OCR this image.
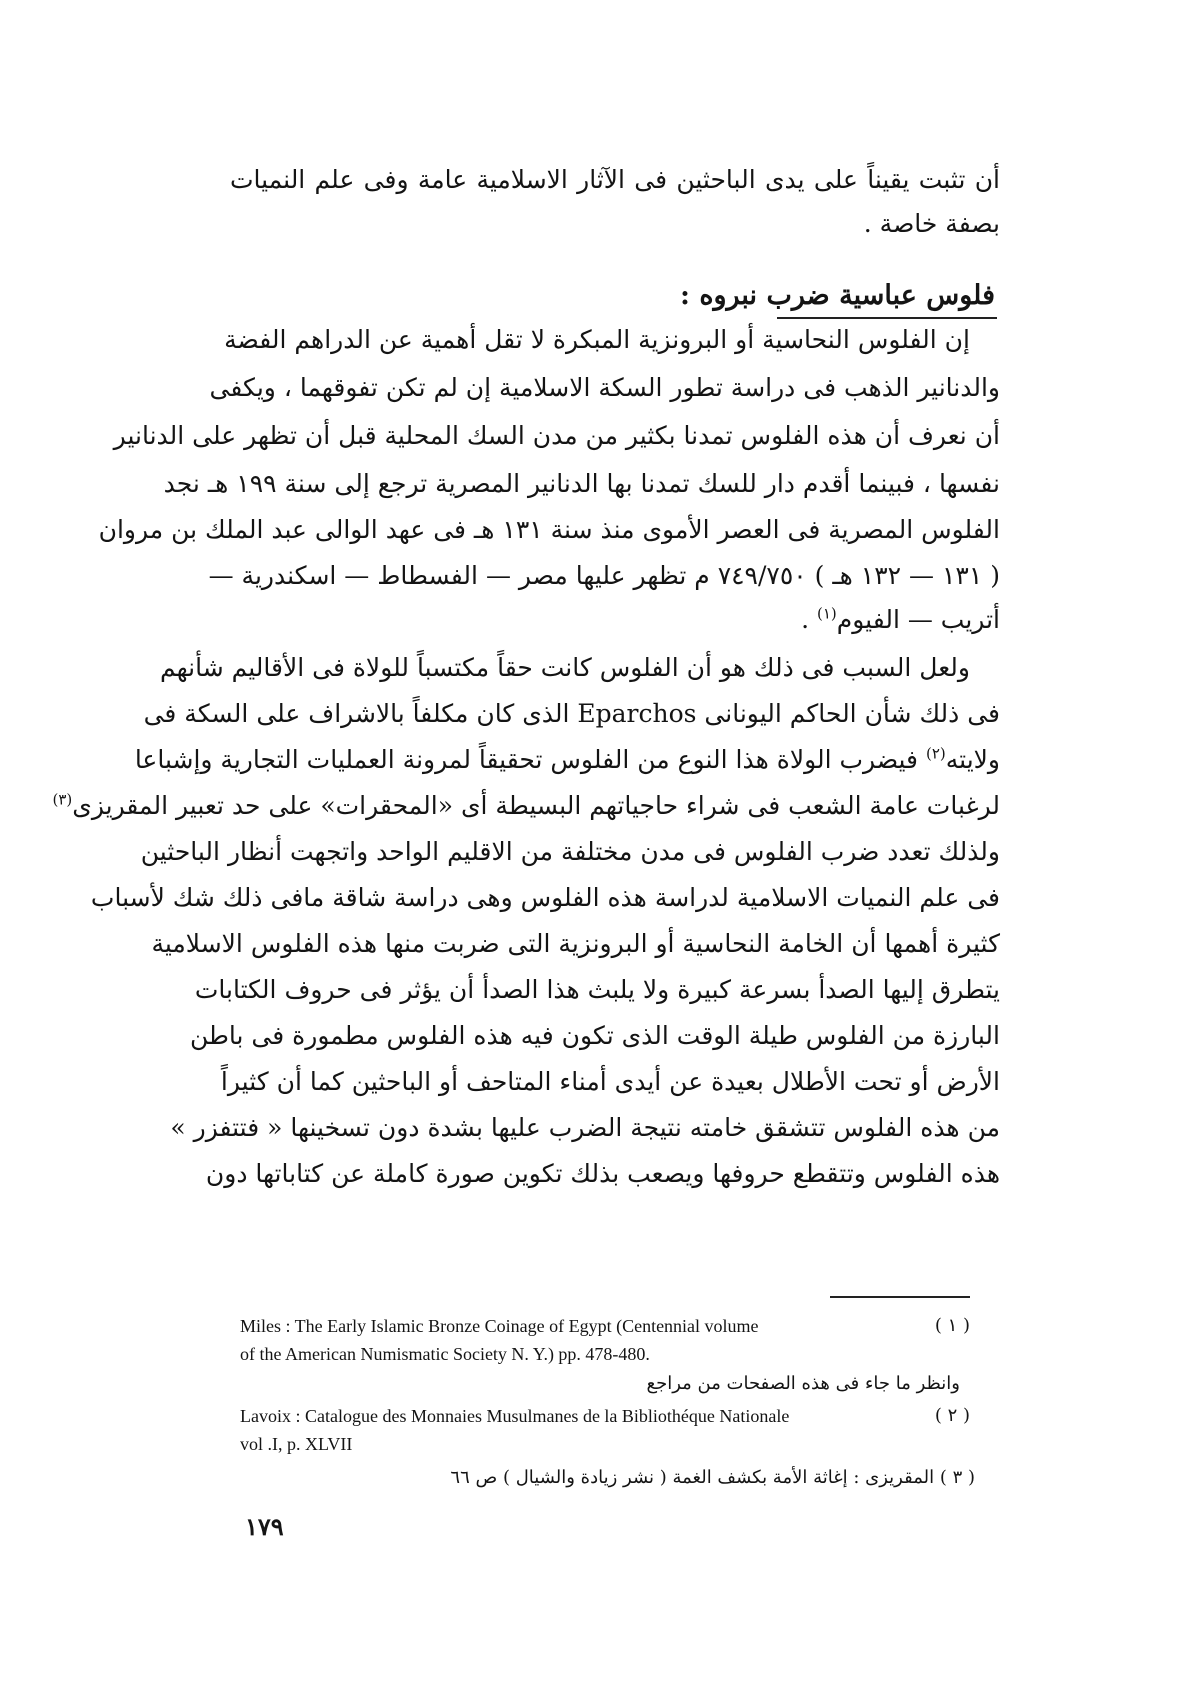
أن تثبت يقيناً على يدى الباحثين فى الآثار الاسلامية عامة وفى علم النميات
بصفة خاصة .
فلوس عباسية ضرب نبروه :
إن الفلوس النحاسية أو البرونزية المبكرة لا تقل أهمية عن الدراهم الفضة
والدنانير الذهب فى دراسة تطور السكة الاسلامية إن لم تكن تفوقهما ، ويكفى
أن نعرف أن هذه الفلوس تمدنا بكثير من مدن السك المحلية قبل أن تظهر على الدنانير
نفسها ، فبينما أقدم دار للسك تمدنا بها الدنانير المصرية ترجع إلى سنة ١٩٩ هـ نجد
الفلوس المصرية فى العصر الأموى منذ سنة ١٣١ هـ فى عهد الوالى عبد الملك بن مروان
( ١٣١ — ١٣٢ هـ ) ٧٤٩/٧٥٠ م تظهر عليها مصر — الفسطاط — اسكندرية —
أتريب — الفيوم$^{(١)}$ .
ولعل السبب فى ذلك هو أن الفلوس كانت حقاً مكتسباً للولاة فى الأقاليم شأنهم
فى ذلك شأن الحاكم اليونانى Eparchos الذى كان مكلفاً بالاشراف على السكة فى
ولايته$^{(٢)}$ فيضرب الولاة هذا النوع من الفلوس تحقيقاً لمرونة العمليات التجارية وإشباعا
لرغبات عامة الشعب فى شراء حاجياتهم البسيطة أى «المحقرات» على حد تعبير المقريزى$^{(٣)}$
ولذلك تعدد ضرب الفلوس فى مدن مختلفة من الاقليم الواحد واتجهت أنظار الباحثين
فى علم النميات الاسلامية لدراسة هذه الفلوس وهى دراسة شاقة مافى ذلك شك لأسباب
كثيرة أهمها أن الخامة النحاسية أو البرونزية التى ضربت منها هذه الفلوس الاسلامية
يتطرق إليها الصدأ بسرعة كبيرة ولا يلبث هذا الصدأ أن يؤثر فى حروف الكتابات
البارزة من الفلوس طيلة الوقت الذى تكون فيه هذه الفلوس مطمورة فى باطن
الأرض أو تحت الأطلال بعيدة عن أيدى أمناء المتاحف أو الباحثين كما أن كثيراً
من هذه الفلوس تتشقق خامته نتيجة الضرب عليها بشدة دون تسخينها « فتتفزر »
هذه الفلوس وتتقطع حروفها ويصعب بذلك تكوين صورة كاملة عن كتاباتها دون
Miles : The Early Islamic Bronze Coinage of Egypt (Centennial volume	( ١ )
of the American Numismatic Society N. Y.) pp. 478-480.
وانظر ما جاء فى هذه الصفحات من مراجع
Lavoix : Catalogue des Monnaies Musulmanes de la Bibliothéque Nationale	( ٢ )
vol .I, p. XLVII
( ٣ ) المقريزى : إغاثة الأمة بكشف الغمة ( نشر زيادة والشيال ) ص ٦٦
١٧٩
